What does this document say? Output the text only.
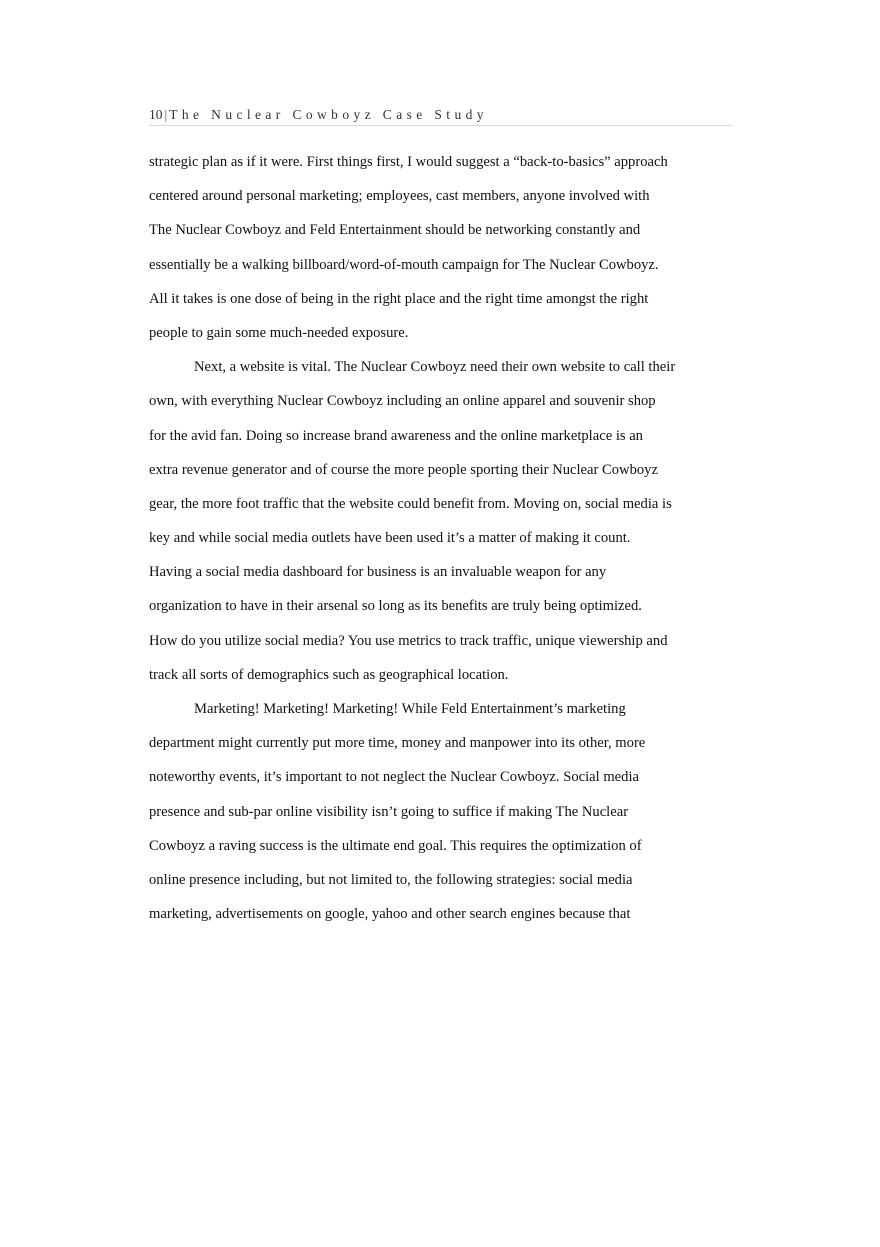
10 | The Nuclear Cowboyz Case Study
strategic plan as if it were. First things first, I would suggest a “back-to-basics” approach
centered around personal marketing; employees, cast members, anyone involved with
The Nuclear Cowboyz and Feld Entertainment should be networking constantly and
essentially be a walking billboard/word-of-mouth campaign for The Nuclear Cowboyz.
All it takes is one dose of being in the right place and the right time amongst the right
people to gain some much-needed exposure.
Next, a website is vital. The Nuclear Cowboyz need their own website to call their
own, with everything Nuclear Cowboyz including an online apparel and souvenir shop
for the avid fan. Doing so increase brand awareness and the online marketplace is an
extra revenue generator and of course the more people sporting their Nuclear Cowboyz
gear, the more foot traffic that the website could benefit from. Moving on, social media is
key and while social media outlets have been used it’s a matter of making it count.
Having a social media dashboard for business is an invaluable weapon for any
organization to have in their arsenal so long as its benefits are truly being optimized.
How do you utilize social media? You use metrics to track traffic, unique viewership and
track all sorts of demographics such as geographical location.
Marketing! Marketing! Marketing! While Feld Entertainment’s marketing
department might currently put more time, money and manpower into its other, more
noteworthy events, it’s important to not neglect the Nuclear Cowboyz. Social media
presence and sub-par online visibility isn’t going to suffice if making The Nuclear
Cowboyz a raving success is the ultimate end goal. This requires the optimization of
online presence including, but not limited to, the following strategies: social media
marketing, advertisements on google, yahoo and other search engines because that
